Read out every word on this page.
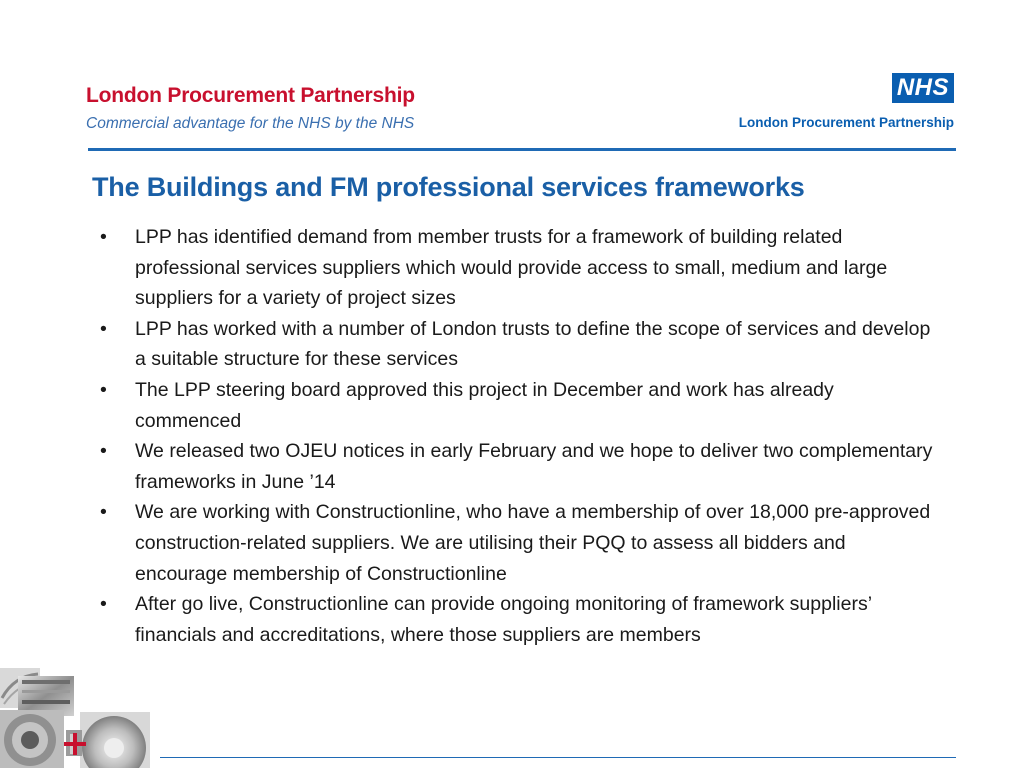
London Procurement Partnership
Commercial advantage for the NHS by the NHS
NHS
London Procurement Partnership
The Buildings and FM professional services frameworks
• LPP has identified demand from member trusts for a framework of building related professional services suppliers which would provide access to small, medium and large suppliers for a variety of project sizes
• LPP has worked with a number of London trusts to define the scope of services and develop a suitable structure for these services
• The LPP steering board approved this project in December and work has already commenced
• We released two OJEU notices in early February and we hope to deliver two complementary frameworks in June ’14
• We are working with Constructionline, who have a membership of over 18,000 pre-approved construction-related suppliers. We are utilising their PQQ to assess all bidders and encourage membership of Constructionline
• After go live, Constructionline can provide ongoing monitoring of framework suppliers’ financials and accreditations, where those suppliers are members
